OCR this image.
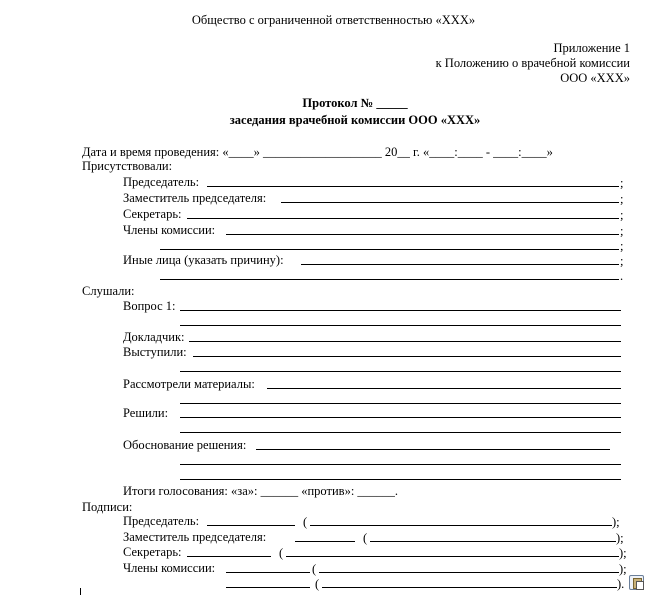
Общество с ограниченной ответственностью «ХХХ»
Приложение 1
к Положению о врачебной комиссии
ООО «ХХХ»
Протокол № _____
заседания врачебной комиссии ООО «ХХХ»
Дата и время проведения: «____» ___________________ 20__ г. «____:____ - ____:____»
Присутствовали:
Председатель:	;
Заместитель председателя:	;
Секретарь:	;
Члены комиссии:	;
;
Иные лица (указать причину):	;
.
Слушали:
Вопрос 1:
Докладчик:
Выступили:
Рассмотрели материалы:
Решили:
Обоснование решения:
Итоги голосования: «за»: ______ «против»: ______.
Подписи:
Председатель:	(	);
Заместитель председателя:	(	);
Секретарь:	(	);
Члены комиссии:	(	);
(	).
